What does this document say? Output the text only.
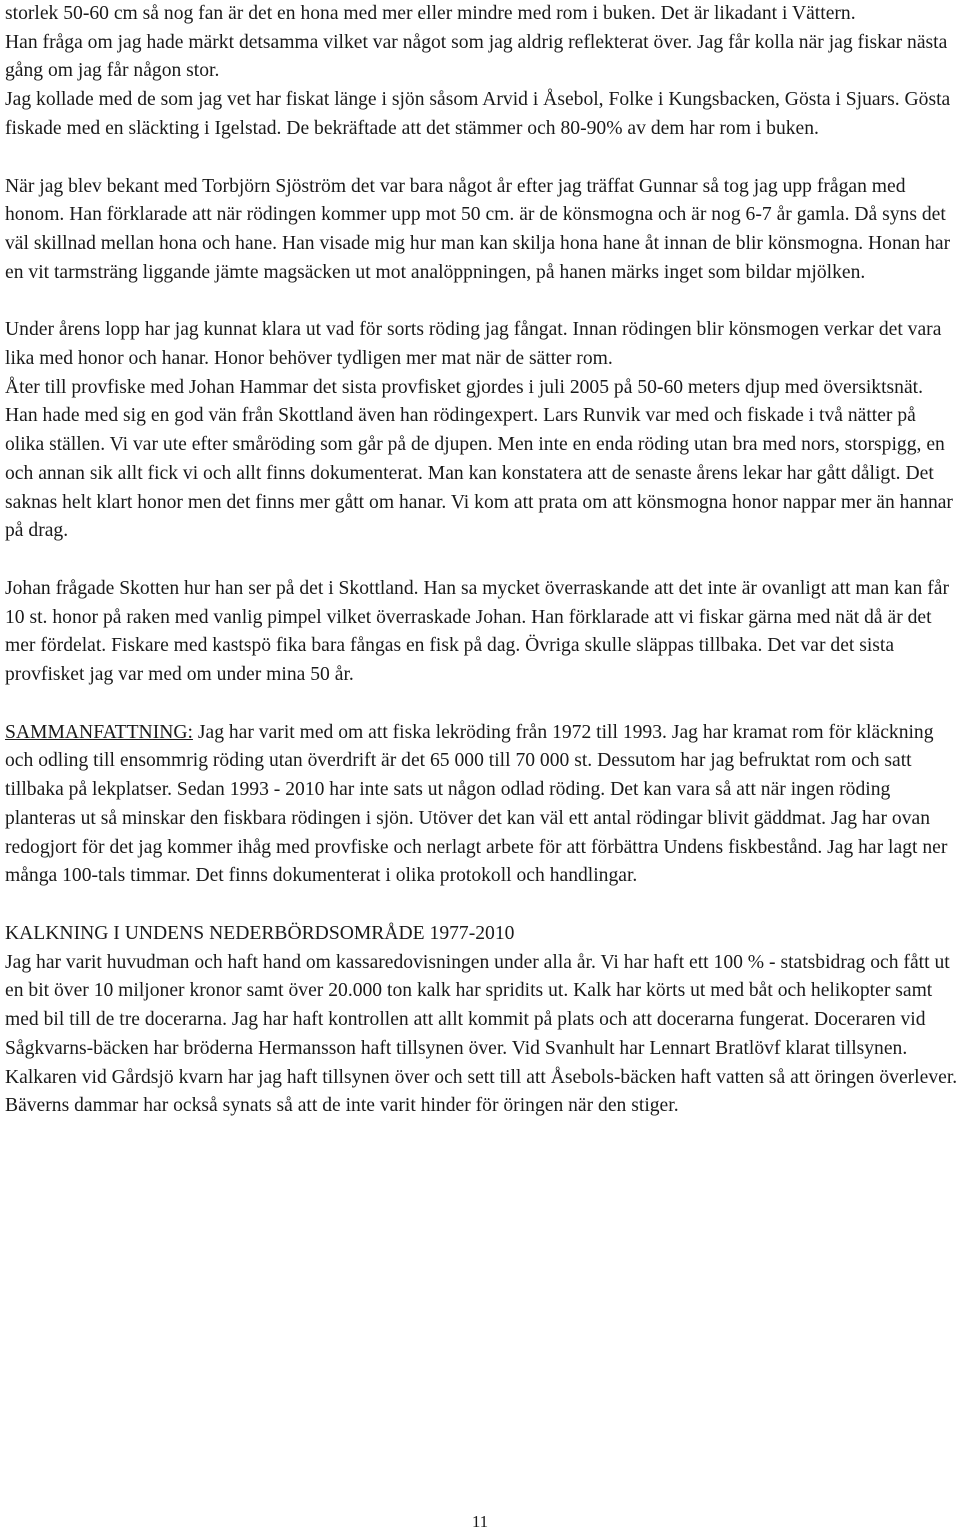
storlek 50-60 cm så nog fan är det en hona med mer eller mindre med rom i buken. Det är likadant i Vättern.

Han fråga om jag hade märkt detsamma vilket var något som jag aldrig reflekterat över. Jag får kolla när jag fiskar nästa gång om jag får någon stor.

Jag kollade med de som jag vet har fiskat länge i sjön såsom Arvid i Åsebol, Folke i Kungsbacken, Gösta i Sjuars. Gösta fiskade med en släckting i Igelstad. De bekräftade att det stämmer och 80-90% av dem har rom i buken.

När jag blev bekant med Torbjörn Sjöström det var bara något år efter jag träffat Gunnar så tog jag upp frågan med honom. Han förklarade att när rödingen kommer upp mot 50 cm. är de könsmogna och är nog 6-7 år gamla. Då syns det väl skillnad mellan hona och hane. Han visade mig hur man kan skilja hona hane åt innan de blir könsmogna. Honan har en vit tarmsträng liggande jämte magsäcken ut mot analöppningen, på hanen märks inget som bildar mjölken.

Under årens lopp har jag kunnat klara ut vad för sorts röding jag fångat. Innan rödingen blir könsmogen verkar det vara lika med honor och hanar. Honor behöver tydligen mer mat när de sätter rom.

Åter till provfiske med Johan Hammar det sista provfisket gjordes i juli 2005 på 50-60 meters djup med översiktsnät. Han hade med sig en god vän från Skottland även han rödingexpert. Lars Runvik var med och fiskade i två nätter på olika ställen. Vi var ute efter småröding som går på de djupen. Men inte en enda röding utan bra med nors, storspigg, en och annan sik allt fick vi och allt finns dokumenterat. Man kan konstatera att de senaste årens lekar har gått dåligt. Det saknas helt klart honor men det finns mer gått om hanar. Vi kom att prata om att könsmogna honor nappar mer än hannar på drag.

Johan frågade Skotten hur han ser på det i Skottland. Han sa mycket överraskande att det inte är ovanligt att man kan får 10 st. honor på raken med vanlig pimpel vilket överraskade Johan. Han förklarade att vi fiskar gärna med nät då är det mer fördelat. Fiskare med kastspö fika bara fångas en fisk på dag. Övriga skulle släppas tillbaka. Det var det sista provfisket jag var med om under mina 50 år.

SAMMANFATTNING: Jag har varit med om att fiska lekröding från 1972 till 1993. Jag har kramat rom för kläckning och odling till ensommrig röding utan överdrift är det 65 000 till 70 000 st. Dessutom har jag befruktat rom och satt tillbaka på lekplatser. Sedan 1993 - 2010 har inte sats ut någon odlad röding. Det kan vara så att när ingen röding planteras ut så minskar den fiskbara rödingen i sjön. Utöver det kan väl ett antal rödingar blivit gäddmat. Jag har ovan redogjort för det jag kommer ihåg med provfiske och nerlagt arbete för att förbättra Undens fiskbestånd. Jag har lagt ner många 100-tals timmar. Det finns dokumenterat i olika protokoll och handlingar.

KALKNING I UNDENS NEDERBÖRDSOMRÅDE 1977-2010

Jag har varit huvudman och haft hand om kassaredovisningen under alla år. Vi har haft ett 100 % - statsbidrag och fått ut en bit över 10 miljoner kronor samt över 20.000 ton kalk har spridits ut. Kalk har körts ut med båt och helikopter samt med bil till de tre docerarna. Jag har haft kontrollen att allt kommit på plats och att docerarna fungerat. Doceraren vid Sågkvarns-bäcken har bröderna Hermansson haft tillsynen över. Vid Svanhult har Lennart Bratlövf klarat tillsynen. Kalkaren vid Gårdsjö kvarn har jag haft tillsynen över och sett till att Åsebols-bäcken haft vatten så att öringen överlever. Bäverns dammar har också synats så att de inte varit hinder för öringen när den stiger.

11
